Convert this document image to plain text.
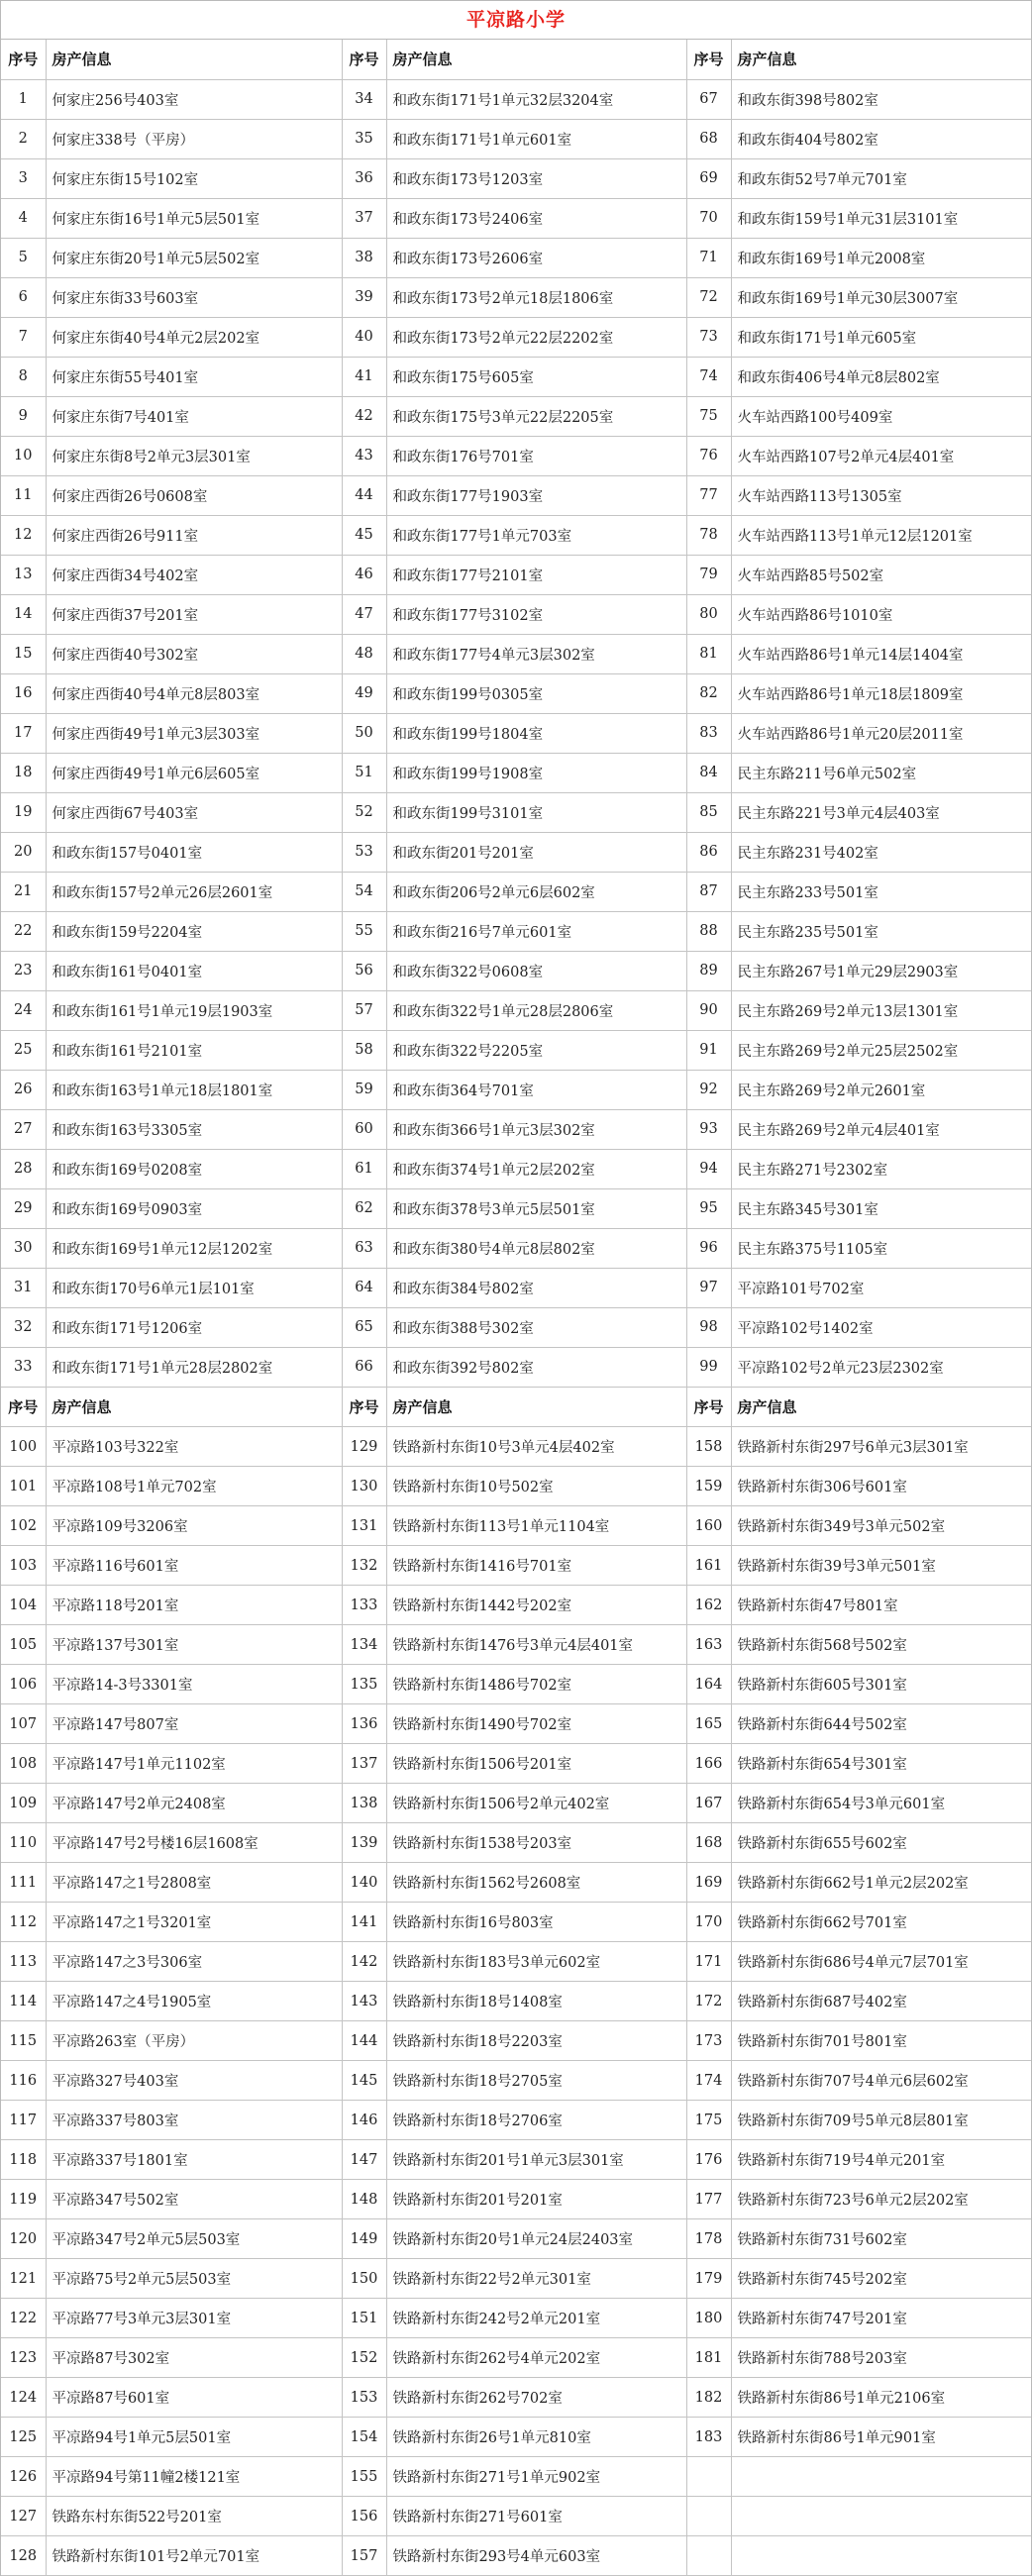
平凉路小学
序号	房产信息	序号	房产信息	序号	房产信息
1	何家庄256号403室	34	和政东街171号1单元32层3204室	67	和政东街398号802室
2	何家庄338号（平房）	35	和政东街171号1单元601室	68	和政东街404号802室
3	何家庄东街15号102室	36	和政东街173号1203室	69	和政东街52号7单元701室
4	何家庄东街16号1单元5层501室	37	和政东街173号2406室	70	和政东街159号1单元31层3101室
5	何家庄东街20号1单元5层502室	38	和政东街173号2606室	71	和政东街169号1单元2008室
6	何家庄东街33号603室	39	和政东街173号2单元18层1806室	72	和政东街169号1单元30层3007室
7	何家庄东街40号4单元2层202室	40	和政东街173号2单元22层2202室	73	和政东街171号1单元605室
8	何家庄东街55号401室	41	和政东街175号605室	74	和政东街406号4单元8层802室
9	何家庄东街7号401室	42	和政东街175号3单元22层2205室	75	火车站西路100号409室
10	何家庄东街8号2单元3层301室	43	和政东街176号701室	76	火车站西路107号2单元4层401室
11	何家庄西街26号0608室	44	和政东街177号1903室	77	火车站西路113号1305室
12	何家庄西街26号911室	45	和政东街177号1单元703室	78	火车站西路113号1单元12层1201室
13	何家庄西街34号402室	46	和政东街177号2101室	79	火车站西路85号502室
14	何家庄西街37号201室	47	和政东街177号3102室	80	火车站西路86号1010室
15	何家庄西街40号302室	48	和政东街177号4单元3层302室	81	火车站西路86号1单元14层1404室
16	何家庄西街40号4单元8层803室	49	和政东街199号0305室	82	火车站西路86号1单元18层1809室
17	何家庄西街49号1单元3层303室	50	和政东街199号1804室	83	火车站西路86号1单元20层2011室
18	何家庄西街49号1单元6层605室	51	和政东街199号1908室	84	民主东路211号6单元502室
19	何家庄西街67号403室	52	和政东街199号3101室	85	民主东路221号3单元4层403室
20	和政东街157号0401室	53	和政东街201号201室	86	民主东路231号402室
21	和政东街157号2单元26层2601室	54	和政东街206号2单元6层602室	87	民主东路233号501室
22	和政东街159号2204室	55	和政东街216号7单元601室	88	民主东路235号501室
23	和政东街161号0401室	56	和政东街322号0608室	89	民主东路267号1单元29层2903室
24	和政东街161号1单元19层1903室	57	和政东街322号1单元28层2806室	90	民主东路269号2单元13层1301室
25	和政东街161号2101室	58	和政东街322号2205室	91	民主东路269号2单元25层2502室
26	和政东街163号1单元18层1801室	59	和政东街364号701室	92	民主东路269号2单元2601室
27	和政东街163号3305室	60	和政东街366号1单元3层302室	93	民主东路269号2单元4层401室
28	和政东街169号0208室	61	和政东街374号1单元2层202室	94	民主东路271号2302室
29	和政东街169号0903室	62	和政东街378号3单元5层501室	95	民主东路345号301室
30	和政东街169号1单元12层1202室	63	和政东街380号4单元8层802室	96	民主东路375号1105室
31	和政东街170号6单元1层101室	64	和政东街384号802室	97	平凉路101号702室
32	和政东街171号1206室	65	和政东街388号302室	98	平凉路102号1402室
33	和政东街171号1单元28层2802室	66	和政东街392号802室	99	平凉路102号2单元23层2302室
序号	房产信息	序号	房产信息	序号	房产信息
100	平凉路103号322室	129	铁路新村东街10号3单元4层402室	158	铁路新村东街297号6单元3层301室
101	平凉路108号1单元702室	130	铁路新村东街10号502室	159	铁路新村东街306号601室
102	平凉路109号3206室	131	铁路新村东街113号1单元1104室	160	铁路新村东街349号3单元502室
103	平凉路116号601室	132	铁路新村东街1416号701室	161	铁路新村东街39号3单元501室
104	平凉路118号201室	133	铁路新村东街1442号202室	162	铁路新村东街47号801室
105	平凉路137号301室	134	铁路新村东街1476号3单元4层401室	163	铁路新村东街568号502室
106	平凉路14-3号3301室	135	铁路新村东街1486号702室	164	铁路新村东街605号301室
107	平凉路147号807室	136	铁路新村东街1490号702室	165	铁路新村东街644号502室
108	平凉路147号1单元1102室	137	铁路新村东街1506号201室	166	铁路新村东街654号301室
109	平凉路147号2单元2408室	138	铁路新村东街1506号2单元402室	167	铁路新村东街654号3单元601室
110	平凉路147号2号楼16层1608室	139	铁路新村东街1538号203室	168	铁路新村东街655号602室
111	平凉路147之1号2808室	140	铁路新村东街1562号2608室	169	铁路新村东街662号1单元2层202室
112	平凉路147之1号3201室	141	铁路新村东街16号803室	170	铁路新村东街662号701室
113	平凉路147之3号306室	142	铁路新村东街183号3单元602室	171	铁路新村东街686号4单元7层701室
114	平凉路147之4号1905室	143	铁路新村东街18号1408室	172	铁路新村东街687号402室
115	平凉路263室（平房）	144	铁路新村东街18号2203室	173	铁路新村东街701号801室
116	平凉路327号403室	145	铁路新村东街18号2705室	174	铁路新村东街707号4单元6层602室
117	平凉路337号803室	146	铁路新村东街18号2706室	175	铁路新村东街709号5单元8层801室
118	平凉路337号1801室	147	铁路新村东街201号1单元3层301室	176	铁路新村东街719号4单元201室
119	平凉路347号502室	148	铁路新村东街201号201室	177	铁路新村东街723号6单元2层202室
120	平凉路347号2单元5层503室	149	铁路新村东街20号1单元24层2403室	178	铁路新村东街731号602室
121	平凉路75号2单元5层503室	150	铁路新村东街22号2单元301室	179	铁路新村东街745号202室
122	平凉路77号3单元3层301室	151	铁路新村东街242号2单元201室	180	铁路新村东街747号201室
123	平凉路87号302室	152	铁路新村东街262号4单元202室	181	铁路新村东街788号203室
124	平凉路87号601室	153	铁路新村东街262号702室	182	铁路新村东街86号1单元2106室
125	平凉路94号1单元5层501室	154	铁路新村东街26号1单元810室	183	铁路新村东街86号1单元901室
126	平凉路94号第11幢2楼121室	155	铁路新村东街271号1单元902室		
127	铁路东村东街522号201室	156	铁路新村东街271号601室		
128	铁路新村东街101号2单元701室	157	铁路新村东街293号4单元603室		
